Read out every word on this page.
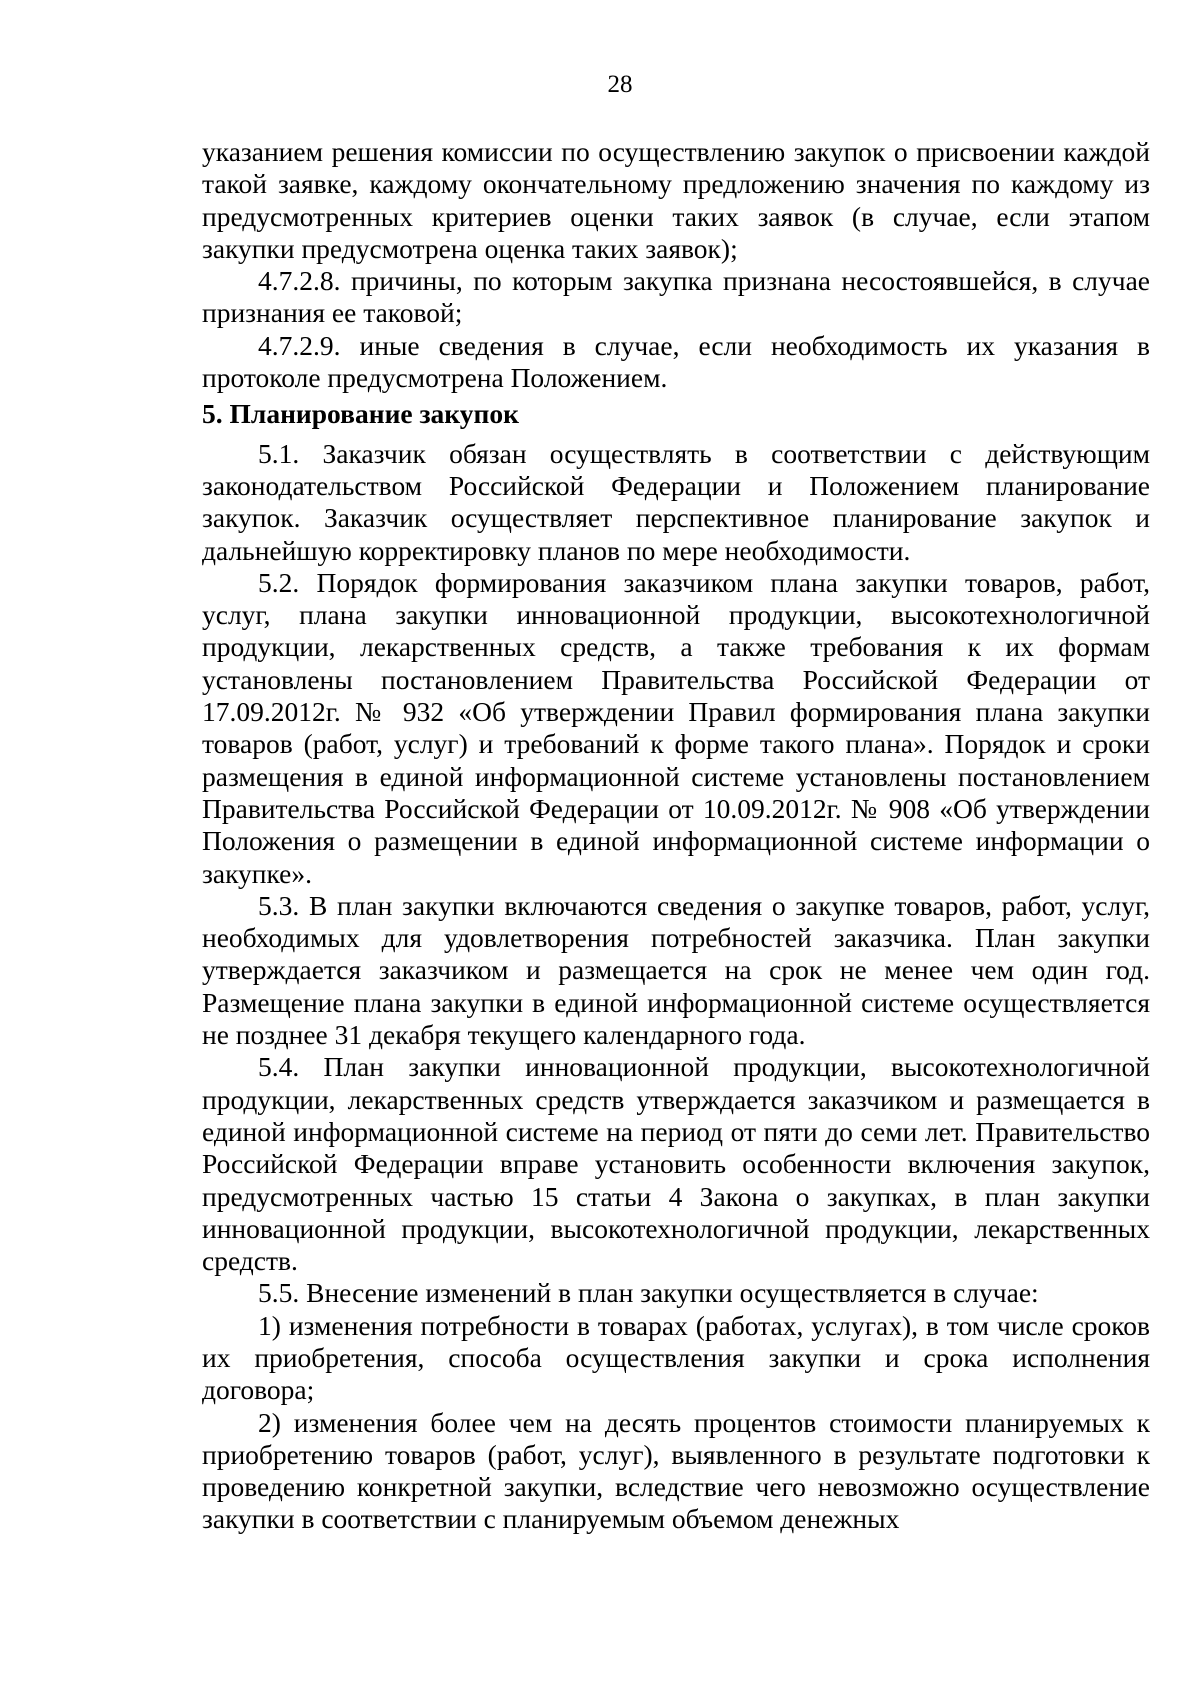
28

указанием решения комиссии по осуществлению закупок о присвоении каждой такой заявке, каждому окончательному предложению значения по каждому из предусмотренных критериев оценки таких заявок (в случае, если этапом закупки предусмотрена оценка таких заявок);

4.7.2.8. причины, по которым закупка признана несостоявшейся, в случае признания ее таковой;

4.7.2.9. иные сведения в случае, если необходимость их указания в протоколе предусмотрена Положением.

5. Планирование закупок

5.1. Заказчик обязан осуществлять в соответствии с действующим законодательством Российской Федерации и Положением планирование закупок. Заказчик осуществляет перспективное планирование закупок и дальнейшую корректировку планов по мере необходимости.

5.2. Порядок формирования заказчиком плана закупки товаров, работ, услуг, плана закупки инновационной продукции, высокотехнологичной продукции, лекарственных средств, а также требования к их формам установлены постановлением Правительства Российской Федерации от 17.09.2012г. № 932 «Об утверждении Правил формирования плана закупки товаров (работ, услуг) и требований к форме такого плана». Порядок и сроки размещения в единой информационной системе установлены постановлением Правительства Российской Федерации от 10.09.2012г. № 908 «Об утверждении Положения о размещении в единой информационной системе информации о закупке».

5.3. В план закупки включаются сведения о закупке товаров, работ, услуг, необходимых для удовлетворения потребностей заказчика. План закупки утверждается заказчиком и размещается на срок не менее чем один год. Размещение плана закупки в единой информационной системе осуществляется не позднее 31 декабря текущего календарного года.

5.4. План закупки инновационной продукции, высокотехнологичной продукции, лекарственных средств утверждается заказчиком и размещается в единой информационной системе на период от пяти до семи лет. Правительство Российской Федерации вправе установить особенности включения закупок, предусмотренных частью 15 статьи 4 Закона о закупках, в план закупки инновационной продукции, высокотехнологичной продукции, лекарственных средств.

5.5. Внесение изменений в план закупки осуществляется в случае:

1) изменения потребности в товарах (работах, услугах), в том числе сроков их приобретения, способа осуществления закупки и срока исполнения договора;

2) изменения более чем на десять процентов стоимости планируемых к приобретению товаров (работ, услуг), выявленного в результате подготовки к проведению конкретной закупки, вследствие чего невозможно осуществление закупки в соответствии с планируемым объемом денежных
